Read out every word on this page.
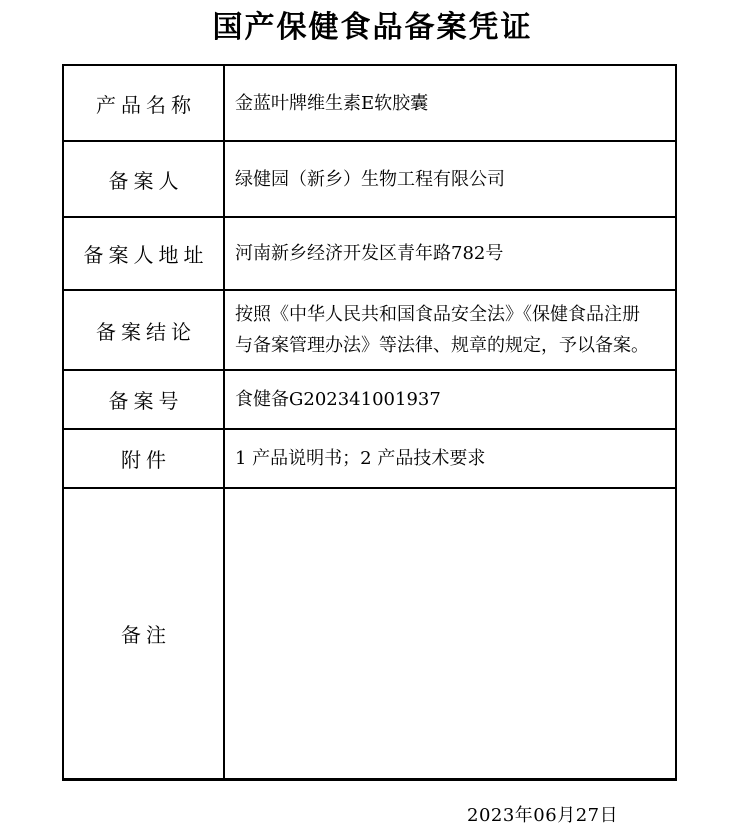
国产保健食品备案凭证
产品名称	金蓝叶牌维生素E软胶囊
备案人	绿健园（新乡）生物工程有限公司
备案人地址	河南新乡经济开发区青年路782号
备案结论	按照《中华人民共和国食品安全法》《保健食品注册与备案管理办法》等法律、规章的规定，予以备案。
备案号	食健备G202341001937
附件	1 产品说明书；2 产品技术要求
备注	
2023年06月27日
